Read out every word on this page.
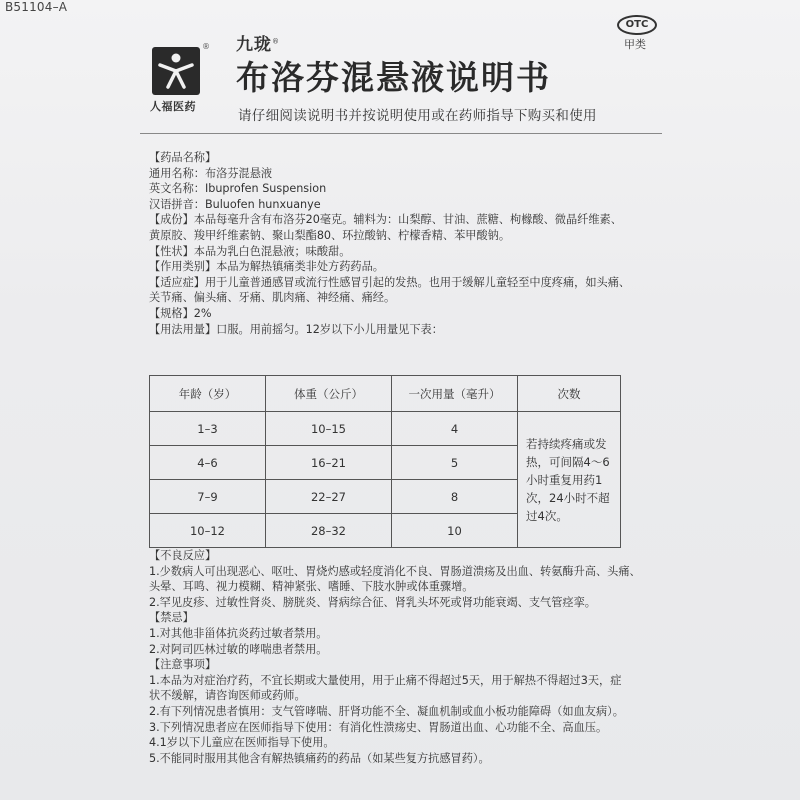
B51104–A
®
人福医药
九珑®
布洛芬混悬液说明书
OTC
甲类
请仔细阅读说明书并按说明使用或在药师指导下购买和使用
【药品名称】
通用名称：布洛芬混悬液
英文名称：Ibuprofen Suspension
汉语拼音：Buluofen hunxuanye
【成份】本品每毫升含有布洛芬20毫克。辅料为：山梨醇、甘油、蔗糖、枸橼酸、微晶纤维素、
黄原胶、羧甲纤维素钠、聚山梨酯80、环拉酸钠、柠檬香精、苯甲酸钠。
【性状】本品为乳白色混悬液；味酸甜。
【作用类别】本品为解热镇痛类非处方药药品。
【适应症】用于儿童普通感冒或流行性感冒引起的发热。也用于缓解儿童轻至中度疼痛，如头痛、
关节痛、偏头痛、牙痛、肌肉痛、神经痛、痛经。
【规格】2%
【用法用量】口服。用前摇匀。12岁以下小儿用量见下表：
年龄（岁）	体重（公斤）	一次用量（毫升）	次数
1–3	10–15	4	若持续疼痛或发
热，可间隔4～6
小时重复用药1
次，24小时不超
过4次。

4–6	16–21	5	
7–9	22–27	8	
10–12	28–32	10	
【不良反应】
1.少数病人可出现恶心、呕吐、胃烧灼感或轻度消化不良、胃肠道溃疡及出血、转氨酶升高、头痛、
头晕、耳鸣、视力模糊、精神紧张、嗜睡、下肢水肿或体重骤增。
2.罕见皮疹、过敏性肾炎、膀胱炎、肾病综合征、肾乳头坏死或肾功能衰竭、支气管痉挛。
【禁忌】
1.对其他非甾体抗炎药过敏者禁用。
2.对阿司匹林过敏的哮喘患者禁用。
【注意事项】
1.本品为对症治疗药，不宜长期或大量使用，用于止痛不得超过5天，用于解热不得超过3天，症
状不缓解，请咨询医师或药师。
2.有下列情况患者慎用：支气管哮喘、肝肾功能不全、凝血机制或血小板功能障碍（如血友病）。
3.下列情况患者应在医师指导下使用：有消化性溃疡史、胃肠道出血、心功能不全、高血压。
4.1岁以下儿童应在医师指导下使用。
5.不能同时服用其他含有解热镇痛药的药品（如某些复方抗感冒药）。
